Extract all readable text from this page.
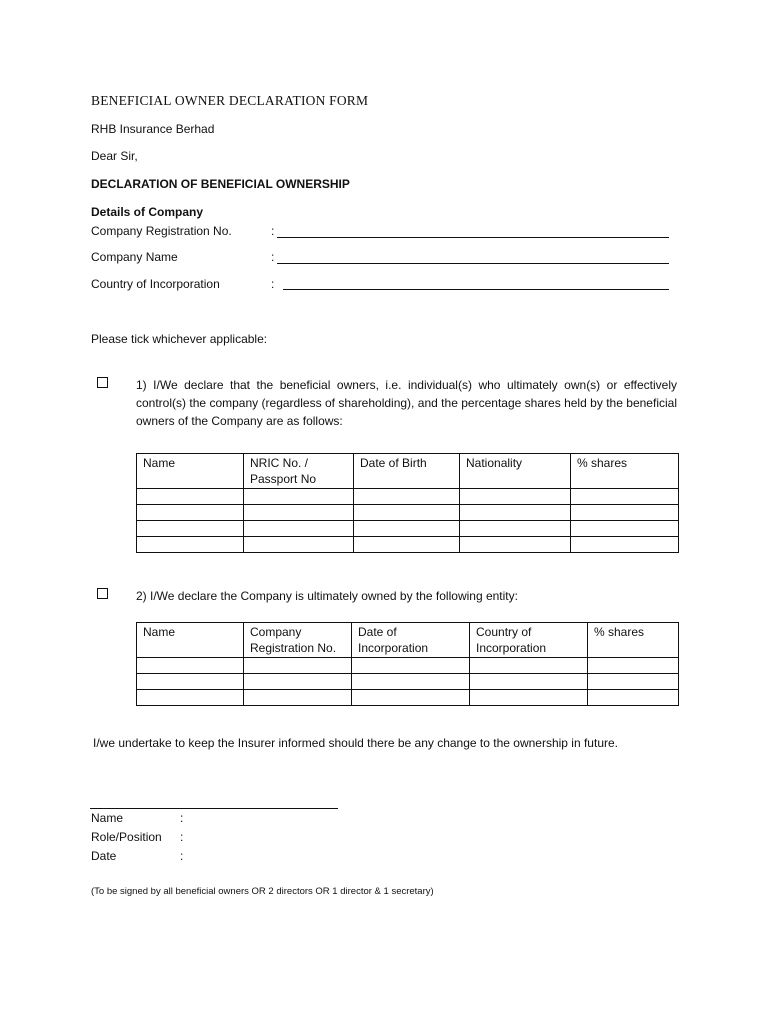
BENEFICIAL OWNER DECLARATION FORM
RHB Insurance Berhad
Dear Sir,
DECLARATION OF BENEFICIAL OWNERSHIP
Details of Company
Company Registration No.	:
Company Name	:
Country of Incorporation	:
Please tick whichever applicable:
1) I/We declare that the beneficial owners, i.e. individual(s) who ultimately own(s) or effectively control(s) the company (regardless of shareholding), and the percentage shares held by the beneficial owners of the Company are as follows:
Name	NRIC No. / Passport No	Date of Birth	Nationality	% shares

2) I/We declare the Company is ultimately owned by the following entity:
Name	Company Registration No.	Date of Incorporation	Country of Incorporation	% shares

I/we undertake to keep the Insurer informed should there be any change to the ownership in future.
Name	:
Role/Position :
Date	:
(To be signed by all beneficial owners OR 2 directors OR 1 director & 1 secretary)
